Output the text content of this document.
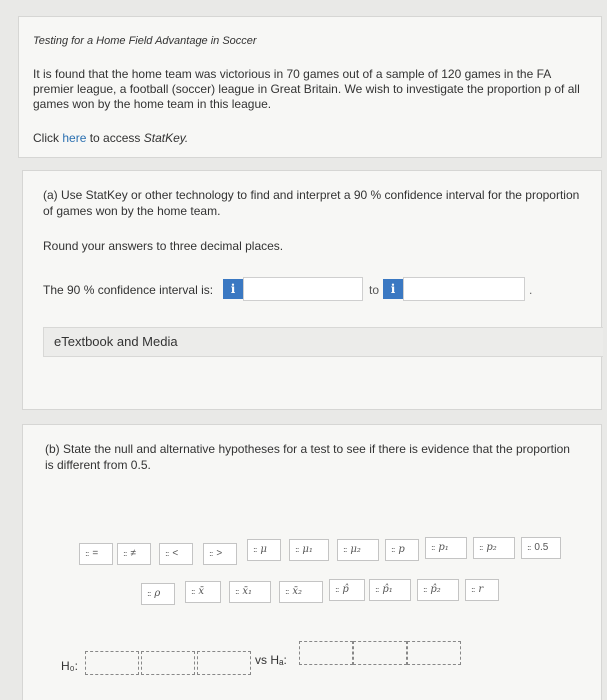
Testing for a Home Field Advantage in Soccer
It is found that the home team was victorious in 70 games out of a sample of 120 games in the FA premier league, a football (soccer) league in Great Britain. We wish to investigate the proportion p of all games won by the home team in this league.
Click here to access StatKey.
(a) Use StatKey or other technology to find and interpret a 90 % confidence interval for the proportion of games won by the home team.
Round your answers to three decimal places.
The 90 % confidence interval is:	i	to i	.
eTextbook and Media
(b) State the null and alternative hypotheses for a test to see if there is evidence that the proportion is different from 0.5.
:: =	:: ≠	:: <	:: >	:: μ	:: μ₁	:: μ₂	:: p	:: p₁	:: p₂	:: 0.5
:: ρ	:: x̄	:: x̄₁	:: x̄₂	:: p̂	:: p̂₁	:: p̂₂	:: r
H₀:	vs Hₐ:
